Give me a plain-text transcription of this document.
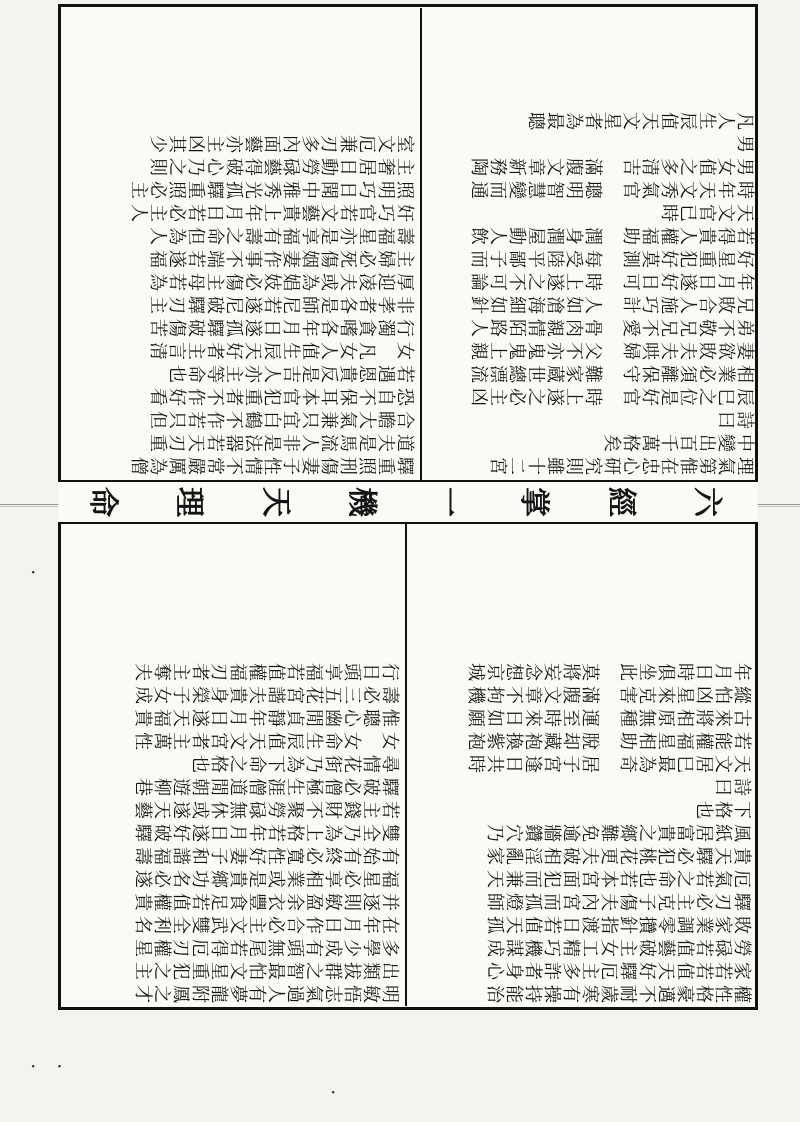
命 理 天 機 一 掌 經 六
理氣第惟在忠心研究則雖十二宮
中變出百千萬格矣
詩曰
辰巳之位是好官　時上遂之必主凶
相業必須離保守　難家蔵世總漂流
妻欲敗夫夫哄婦　父不亦鬼鬼上親
弟不敬兄兄不愛　骨肉親情陌路人
兄敗合人施巧計　人如滄海細如針
年月日遂好日可　時上遂之不可論
好星重犯好莫測　每受陸平鄙子而
若得貴人權福助　潤身潤屋動人飲
天文官已時
時年天文秀氣官　聰明智慧變而通
男女值之多清吉　滿腹文章新務陶
男
凡人生辰值天文星者為最聰
驛重照刑傷妻子性情不常嚴厲為僧
道夫是馬流人非是法器若天刃重
合瞻大氣兼只宜白鶴不作若只但
恐自不保耳本官犯重者不作好看
若遇恩貴反是吉人亦主等命也
女　凡女人值生辰天好者主言清
行濁貪嗜各年月日遂孤驛破傷苦
非孝者各是師尼若遂尼破驛刃主
厚迎凌夫或為娼妓必傷主母若為
主婦必死傷姻妻作事不端若遂福
壽福星亦是享福有壽之命但為人
奸巧官若文藝貴上年月日若必主人
照明巧日聞中雅秀光孤驛重照必主
主奢居日動勞碌藝得破心乃之則
室文厄兼刃多內面藝亦主凶其少
明敏悟志氣過人有夢龍附鳳之才
出類拔群之智最怕文星重犯之主
多學少成有頭無尾若得厄刃權星
在年月日作合必主文武雙全利名
并逐則敏盈余衣豐食足若值權貴
福星必享相業或是貴鄉功名必遂
有始有終必寬性好妻子和諧福壽
雙全乃為上格若年月日遂好破驛
若主錢財不聚勞碌無休或遂天藝
驛破必僧極生涯僧道閒朝遊柳巷
尋情花街乃為下命之格也
女　女命生辰值天文宮者主萬性
惟聰心幽閒貞靜年月日遂天福貴
壽必三五花宮諧夫貴身榮子女成
行日頭享福若值權福刃者主奪夫
權性格豪邁不耐歲寒有操持能治
家若若值天好驛厄主多詐者身心
勞碌若值藝破主女工精巧機謀成
敗家業調零攢針指渡日若值天孤
驛刃必主克子傷夫內宮而孤燈師
厄氣若之命也若本宮面犯而兼天
貴天驛必犯桃花更夫破相淫亂家
風紙居富貴之鄉難免逾牆鑽穴乃
下格也
詩曰
天文居巳最為奇　居子宮逢日共時
若能權福星相助　脫却藏袍換紫袍
古來將相原無種　運至時來日如願
縱怕凶星來克害　滿腹文章不拘機
年月日時俱坐此　莫將妄念想京城
·　·
·
·
